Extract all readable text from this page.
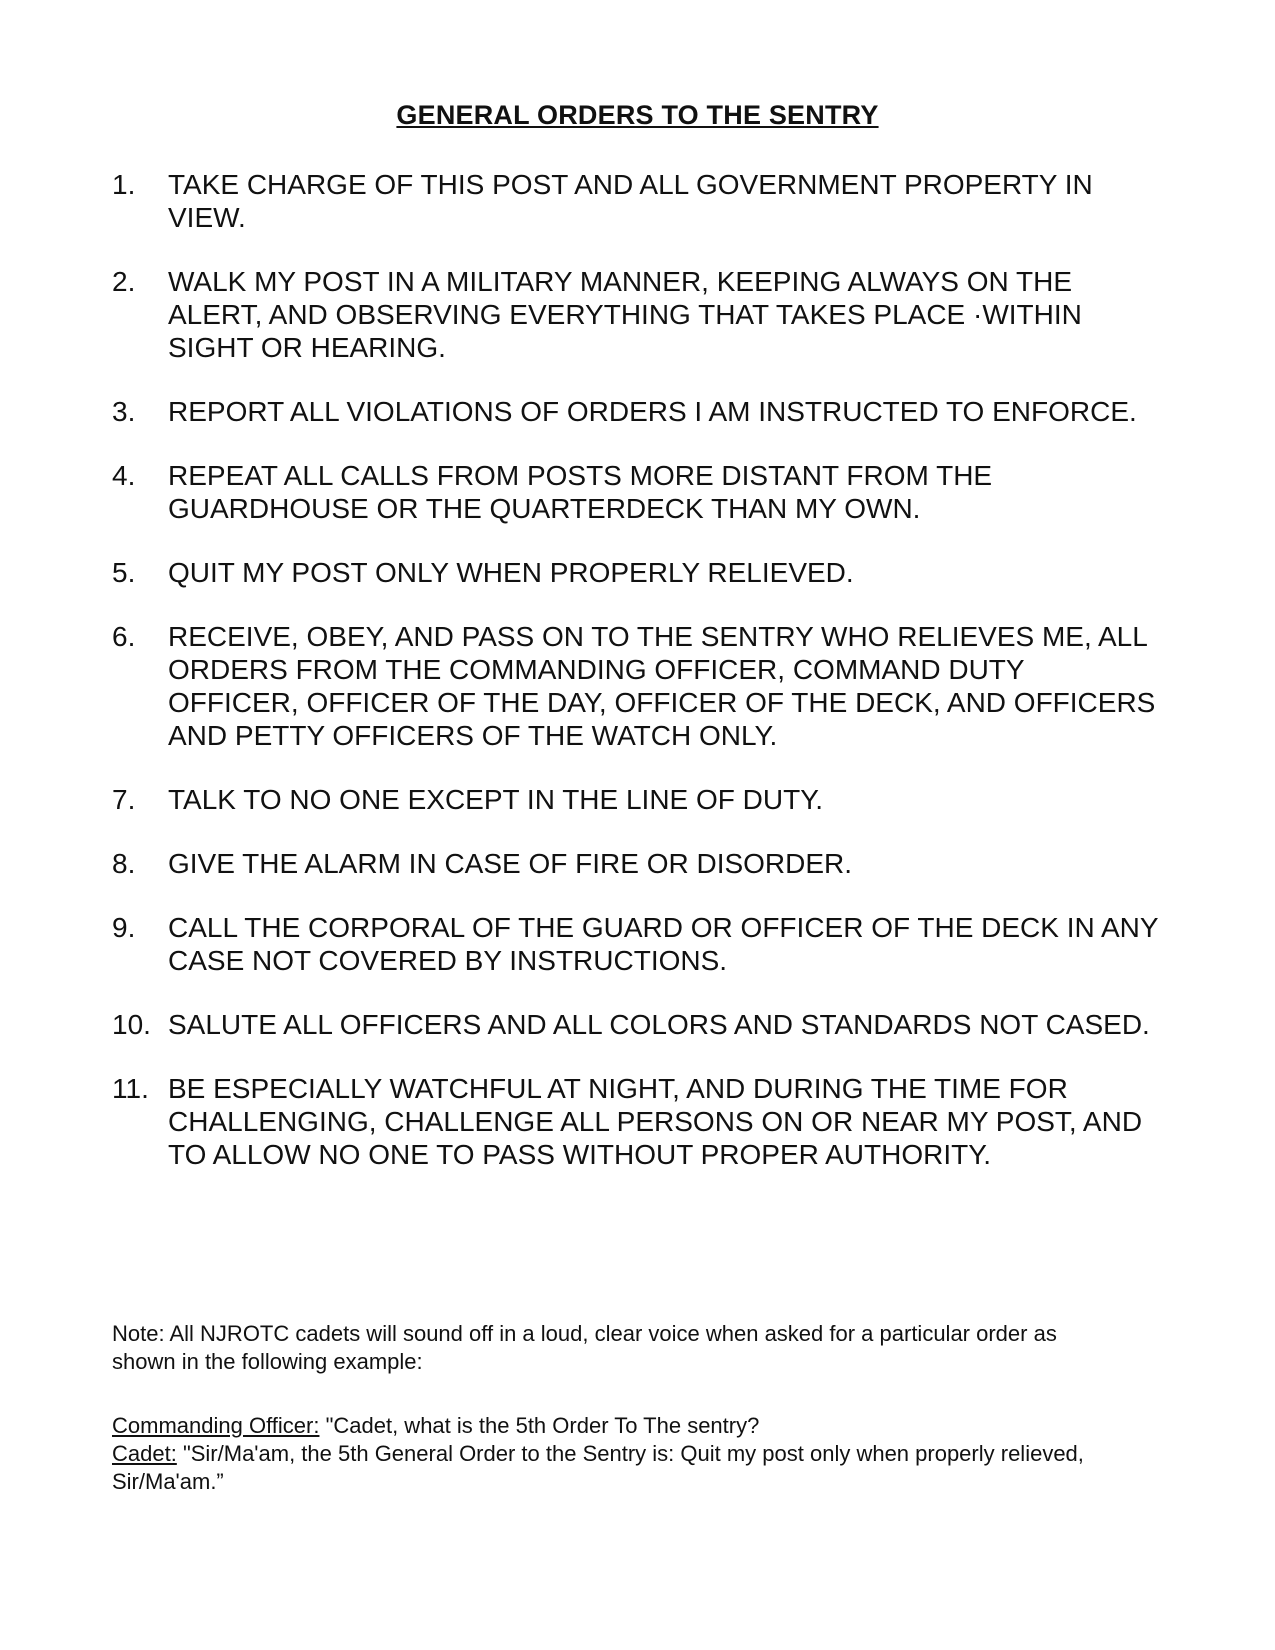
GENERAL ORDERS TO THE SENTRY
1.	TAKE CHARGE OF THIS POST AND ALL GOVERNMENT PROPERTY IN VIEW.
2.	WALK MY POST IN A MILITARY MANNER, KEEPING ALWAYS ON THE ALERT, AND OBSERVING EVERYTHING THAT TAKES PLACE ·WITHIN SIGHT OR HEARING.
3.	REPORT ALL VIOLATIONS OF ORDERS I AM INSTRUCTED TO ENFORCE.
4.	REPEAT ALL CALLS FROM POSTS MORE DISTANT FROM THE GUARDHOUSE OR THE QUARTERDECK THAN MY OWN.
5.	QUIT MY POST ONLY WHEN PROPERLY RELIEVED.
6.	RECEIVE, OBEY, AND PASS ON TO THE SENTRY WHO RELIEVES ME, ALL ORDERS FROM THE COMMANDING OFFICER, COMMAND DUTY OFFICER, OFFICER OF THE DAY, OFFICER OF THE DECK, AND OFFICERS AND PETTY OFFICERS OF THE WATCH ONLY.
7.	TALK TO NO ONE EXCEPT IN THE LINE OF DUTY.
8.	GIVE THE ALARM IN CASE OF FIRE OR DISORDER.
9.	CALL THE CORPORAL OF THE GUARD OR OFFICER OF THE DECK IN ANY CASE NOT COVERED BY INSTRUCTIONS.
10. SALUTE ALL OFFICERS AND ALL COLORS AND STANDARDS NOT CASED.
11. BE ESPECIALLY WATCHFUL AT NIGHT, AND DURING THE TIME FOR CHALLENGING, CHALLENGE ALL PERSONS ON OR NEAR MY POST, AND TO ALLOW NO ONE TO PASS WITHOUT PROPER AUTHORITY.
Note: All NJROTC cadets will sound off in a loud, clear voice when asked for a particular order as shown in the following example:
Commanding Officer: "Cadet, what is the 5th Order To The sentry?
Cadet: "Sir/Ma'am, the 5th General Order to the Sentry is: Quit my post only when properly relieved, Sir/Ma'am.”
